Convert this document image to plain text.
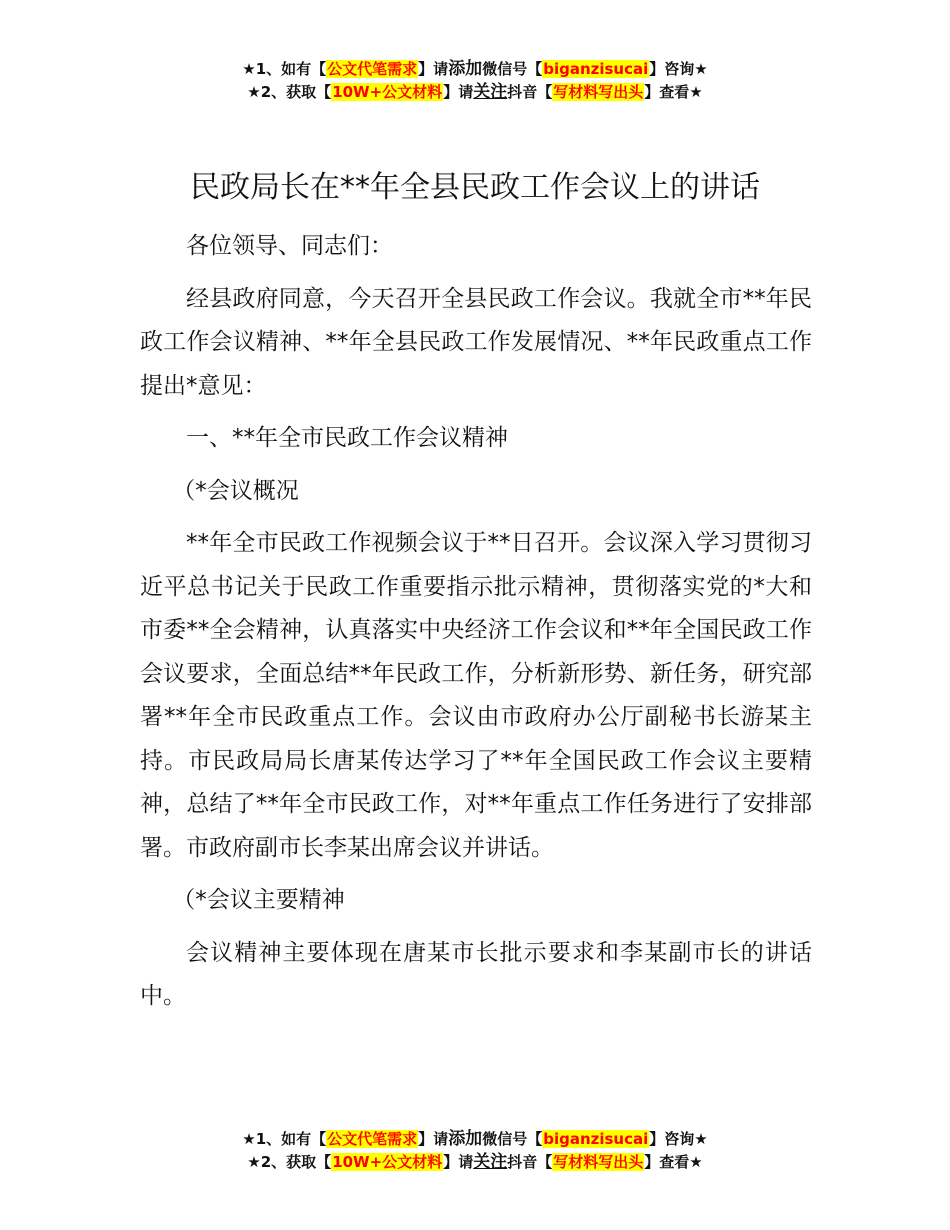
★1、如有【公文代笔需求】请添加微信号【biganzisucai】咨询★
★2、获取【10W+公文材料】请关注抖音【写材料写出头】查看★
民政局长在**年全县民政工作会议上的讲话

各位领导、同志们：

经县政府同意，今天召开全县民政工作会议。我就全市**年民政工作会议精神、**年全县民政工作发展情况、**年民政重点工作提出*意见：

一、**年全市民政工作会议精神

（*会议概况

**年全市民政工作视频会议于**日召开。会议深入学习贯彻习近平总书记关于民政工作重要指示批示精神，贯彻落实党的*大和市委**全会精神，认真落实中央经济工作会议和**年全国民政工作会议要求，全面总结**年民政工作，分析新形势、新任务，研究部署**年全市民政重点工作。会议由市政府办公厅副秘书长游某主持。市民政局局长唐某传达学习了**年全国民政工作会议主要精神，总结了**年全市民政工作，对**年重点工作任务进行了安排部署。市政府副市长李某出席会议并讲话。

（*会议主要精神

会议精神主要体现在唐某市长批示要求和李某副市长的讲话中。

★1、如有【公文代笔需求】请添加微信号【biganzisucai】咨询★
★2、获取【10W+公文材料】请关注抖音【写材料写出头】查看★
